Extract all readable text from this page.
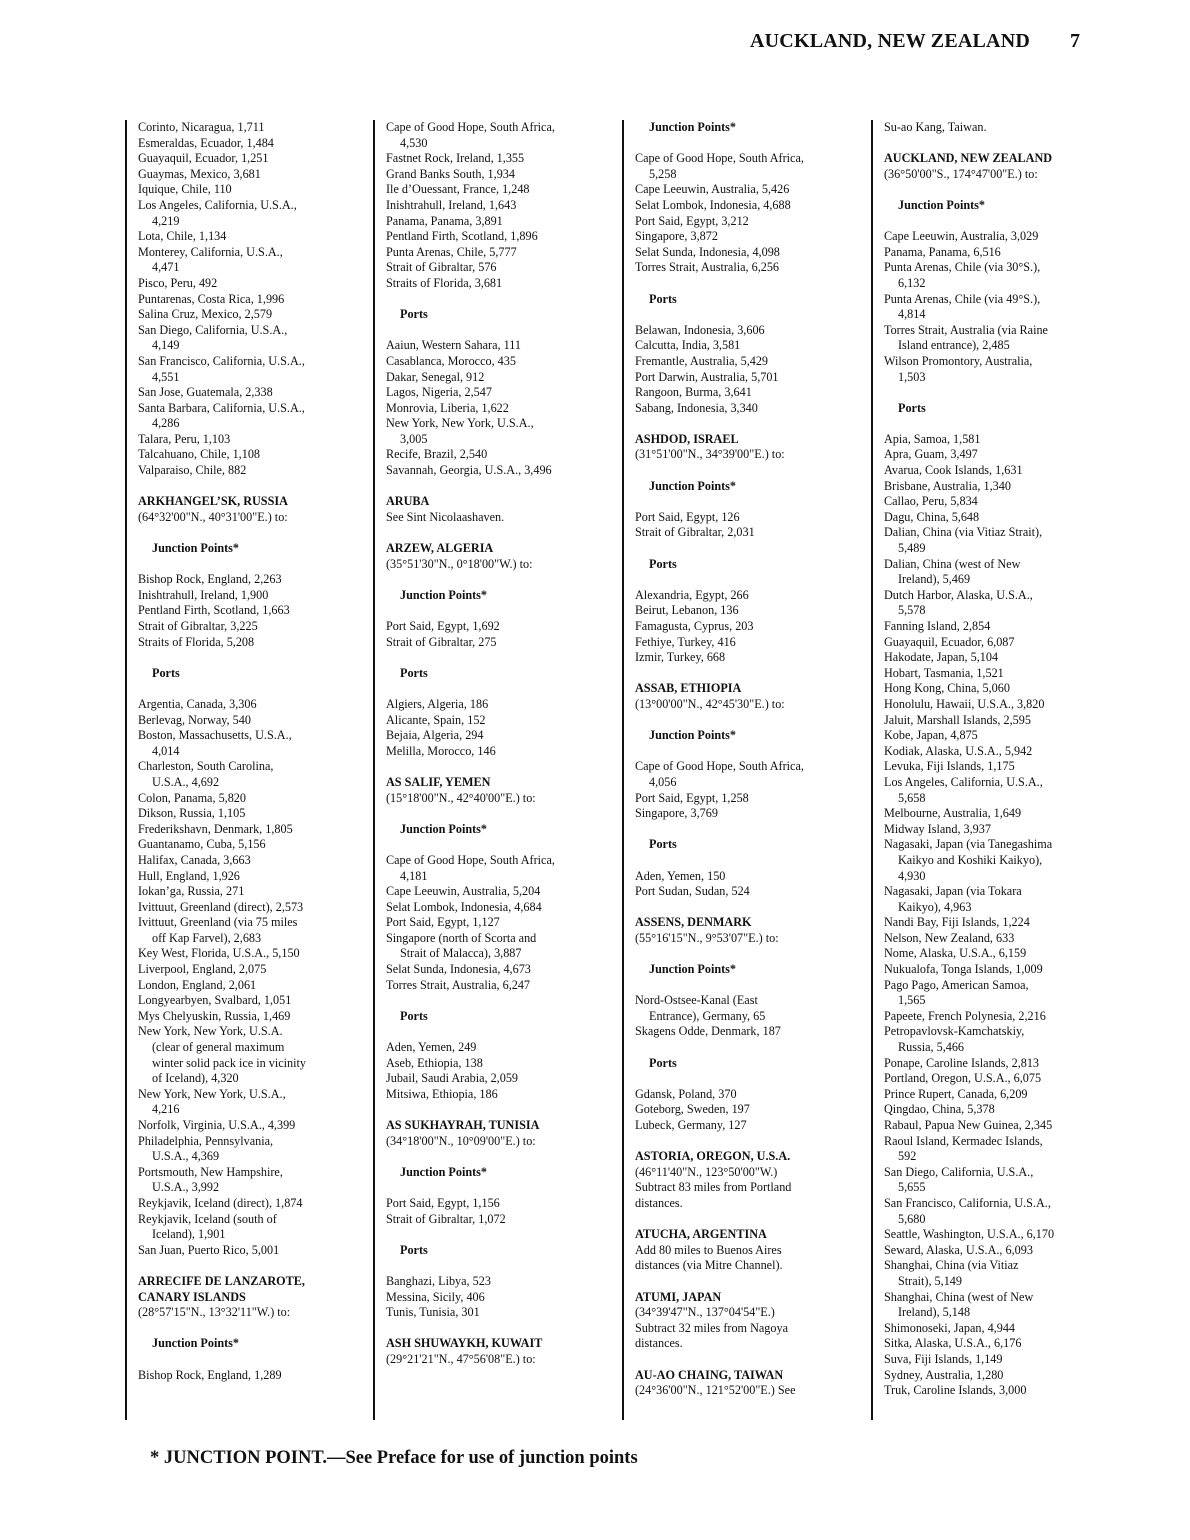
AUCKLAND, NEW ZEALAND 7
Corinto, Nicaragua, 1,711
Esmeraldas, Ecuador, 1,484
Guayaquil, Ecuador, 1,251
Guaymas, Mexico, 3,681
Iquique, Chile, 110
Los Angeles, California, U.S.A.,
4,219
Lota, Chile, 1,134
Monterey, California, U.S.A.,
4,471
Pisco, Peru, 492
Puntarenas, Costa Rica, 1,996
Salina Cruz, Mexico, 2,579
San Diego, California, U.S.A.,
4,149
San Francisco, California, U.S.A.,
4,551
San Jose, Guatemala, 2,338
Santa Barbara, California, U.S.A.,
4,286
Talara, Peru, 1,103
Talcahuano, Chile, 1,108
Valparaiso, Chile, 882
ARKHANGEL’SK, RUSSIA
(64°32'00"N., 40°31'00"E.) to:
Junction Points*
Bishop Rock, England, 2,263
Inishtrahull, Ireland, 1,900
Pentland Firth, Scotland, 1,663
Strait of Gibraltar, 3,225
Straits of Florida, 5,208
Ports
Argentia, Canada, 3,306
Berlevag, Norway, 540
Boston, Massachusetts, U.S.A.,
4,014
Charleston, South Carolina,
U.S.A., 4,692
Colon, Panama, 5,820
Dikson, Russia, 1,105
Frederikshavn, Denmark, 1,805
Guantanamo, Cuba, 5,156
Halifax, Canada, 3,663
Hull, England, 1,926
Iokan’ga, Russia, 271
Ivittuut, Greenland (direct), 2,573
Ivittuut, Greenland (via 75 miles
off Kap Farvel), 2,683
Key West, Florida, U.S.A., 5,150
Liverpool, England, 2,075
London, England, 2,061
Longyearbyen, Svalbard, 1,051
Mys Chelyuskin, Russia, 1,469
New York, New York, U.S.A.
(clear of general maximum
winter solid pack ice in vicinity
of Iceland), 4,320
New York, New York, U.S.A.,
4,216
Norfolk, Virginia, U.S.A., 4,399
Philadelphia, Pennsylvania,
U.S.A., 4,369
Portsmouth, New Hampshire,
U.S.A., 3,992
Reykjavik, Iceland (direct), 1,874
Reykjavik, Iceland (south of
Iceland), 1,901
San Juan, Puerto Rico, 5,001
ARRECIFE DE LANZAROTE,
CANARY ISLANDS
(28°57'15"N., 13°32'11"W.) to:
Junction Points*
Bishop Rock, England, 1,289
Cape of Good Hope, South Africa,
4,530
Fastnet Rock, Ireland, 1,355
Grand Banks South, 1,934
Ile d’Ouessant, France, 1,248
Inishtrahull, Ireland, 1,643
Panama, Panama, 3,891
Pentland Firth, Scotland, 1,896
Punta Arenas, Chile, 5,777
Strait of Gibraltar, 576
Straits of Florida, 3,681
Ports
Aaiun, Western Sahara, 111
Casablanca, Morocco, 435
Dakar, Senegal, 912
Lagos, Nigeria, 2,547
Monrovia, Liberia, 1,622
New York, New York, U.S.A.,
3,005
Recife, Brazil, 2,540
Savannah, Georgia, U.S.A., 3,496
ARUBA
See Sint Nicolaashaven.
ARZEW, ALGERIA
(35°51'30"N., 0°18'00"W.) to:
Junction Points*
Port Said, Egypt, 1,692
Strait of Gibraltar, 275
Ports
Algiers, Algeria, 186
Alicante, Spain, 152
Bejaia, Algeria, 294
Melilla, Morocco, 146
AS SALIF, YEMEN
(15°18'00"N., 42°40'00"E.) to:
Junction Points*
Cape of Good Hope, South Africa,
4,181
Cape Leeuwin, Australia, 5,204
Selat Lombok, Indonesia, 4,684
Port Said, Egypt, 1,127
Singapore (north of Scorta and
Strait of Malacca), 3,887
Selat Sunda, Indonesia, 4,673
Torres Strait, Australia, 6,247
Ports
Aden, Yemen, 249
Aseb, Ethiopia, 138
Jubail, Saudi Arabia, 2,059
Mitsiwa, Ethiopia, 186
AS SUKHAYRAH, TUNISIA
(34°18'00"N., 10°09'00"E.) to:
Junction Points*
Port Said, Egypt, 1,156
Strait of Gibraltar, 1,072
Ports
Banghazi, Libya, 523
Messina, Sicily, 406
Tunis, Tunisia, 301
ASH SHUWAYKH, KUWAIT
(29°21'21"N., 47°56'08"E.) to:
Junction Points*
Cape of Good Hope, South Africa,
5,258
Cape Leeuwin, Australia, 5,426
Selat Lombok, Indonesia, 4,688
Port Said, Egypt, 3,212
Singapore, 3,872
Selat Sunda, Indonesia, 4,098
Torres Strait, Australia, 6,256
Ports
Belawan, Indonesia, 3,606
Calcutta, India, 3,581
Fremantle, Australia, 5,429
Port Darwin, Australia, 5,701
Rangoon, Burma, 3,641
Sabang, Indonesia, 3,340
ASHDOD, ISRAEL
(31°51'00"N., 34°39'00"E.) to:
Junction Points*
Port Said, Egypt, 126
Strait of Gibraltar, 2,031
Ports
Alexandria, Egypt, 266
Beirut, Lebanon, 136
Famagusta, Cyprus, 203
Fethiye, Turkey, 416
Izmir, Turkey, 668
ASSAB, ETHIOPIA
(13°00'00"N., 42°45'30"E.) to:
Junction Points*
Cape of Good Hope, South Africa,
4,056
Port Said, Egypt, 1,258
Singapore, 3,769
Ports
Aden, Yemen, 150
Port Sudan, Sudan, 524
ASSENS, DENMARK
(55°16'15"N., 9°53'07"E.) to:
Junction Points*
Nord-Ostsee-Kanal (East
Entrance), Germany, 65
Skagens Odde, Denmark, 187
Ports
Gdansk, Poland, 370
Goteborg, Sweden, 197
Lubeck, Germany, 127
ASTORIA, OREGON, U.S.A.
(46°11'40"N., 123°50'00"W.)
Subtract 83 miles from Portland
distances.
ATUCHA, ARGENTINA
Add 80 miles to Buenos Aires
distances (via Mitre Channel).
ATUMI, JAPAN
(34°39'47"N., 137°04'54"E.)
Subtract 32 miles from Nagoya
distances.
AU-AO CHAING, TAIWAN
(24°36'00"N., 121°52'00"E.) See
Su-ao Kang, Taiwan.
AUCKLAND, NEW ZEALAND
(36°50'00"S., 174°47'00"E.) to:
Junction Points*
Cape Leeuwin, Australia, 3,029
Panama, Panama, 6,516
Punta Arenas, Chile (via 30°S.),
6,132
Punta Arenas, Chile (via 49°S.),
4,814
Torres Strait, Australia (via Raine
Island entrance), 2,485
Wilson Promontory, Australia,
1,503
Ports
Apia, Samoa, 1,581
Apra, Guam, 3,497
Avarua, Cook Islands, 1,631
Brisbane, Australia, 1,340
Callao, Peru, 5,834
Dagu, China, 5,648
Dalian, China (via Vitiaz Strait),
5,489
Dalian, China (west of New
Ireland), 5,469
Dutch Harbor, Alaska, U.S.A.,
5,578
Fanning Island, 2,854
Guayaquil, Ecuador, 6,087
Hakodate, Japan, 5,104
Hobart, Tasmania, 1,521
Hong Kong, China, 5,060
Honolulu, Hawaii, U.S.A., 3,820
Jaluit, Marshall Islands, 2,595
Kobe, Japan, 4,875
Kodiak, Alaska, U.S.A., 5,942
Levuka, Fiji Islands, 1,175
Los Angeles, California, U.S.A.,
5,658
Melbourne, Australia, 1,649
Midway Island, 3,937
Nagasaki, Japan (via Tanegashima
Kaikyo and Koshiki Kaikyo),
4,930
Nagasaki, Japan (via Tokara
Kaikyo), 4,963
Nandi Bay, Fiji Islands, 1,224
Nelson, New Zealand, 633
Nome, Alaska, U.S.A., 6,159
Nukualofa, Tonga Islands, 1,009
Pago Pago, American Samoa,
1,565
Papeete, French Polynesia, 2,216
Petropavlovsk-Kamchatskiy,
Russia, 5,466
Ponape, Caroline Islands, 2,813
Portland, Oregon, U.S.A., 6,075
Prince Rupert, Canada, 6,209
Qingdao, China, 5,378
Rabaul, Papua New Guinea, 2,345
Raoul Island, Kermadec Islands,
592
San Diego, California, U.S.A.,
5,655
San Francisco, California, U.S.A.,
5,680
Seattle, Washington, U.S.A., 6,170
Seward, Alaska, U.S.A., 6,093
Shanghai, China (via Vitiaz
Strait), 5,149
Shanghai, China (west of New
Ireland), 5,148
Shimonoseki, Japan, 4,944
Sitka, Alaska, U.S.A., 6,176
Suva, Fiji Islands, 1,149
Sydney, Australia, 1,280
Truk, Caroline Islands, 3,000
* JUNCTION POINT.—See Preface for use of junction points
